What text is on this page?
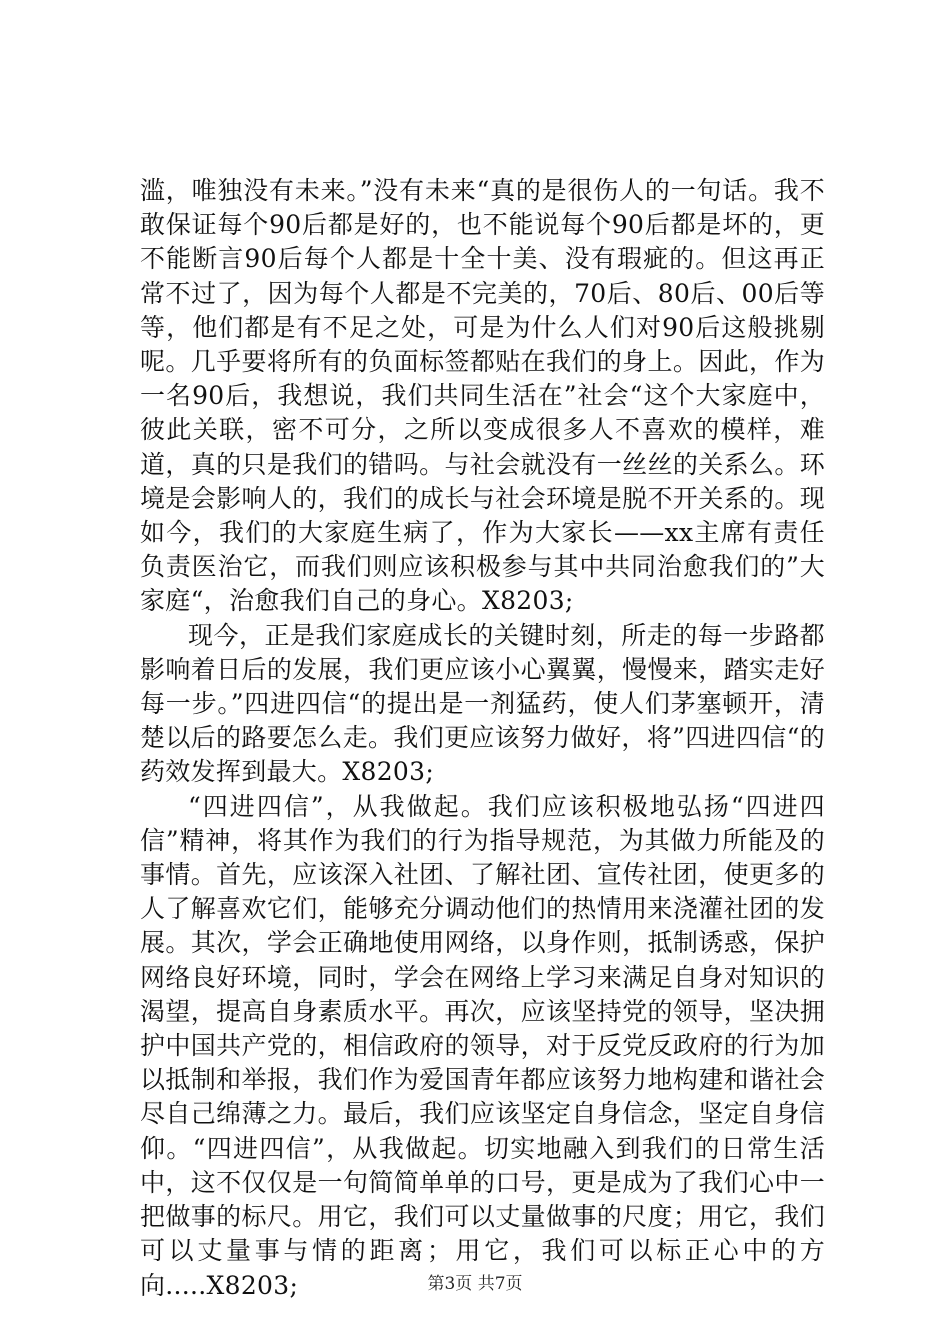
滥，唯独没有未来。”没有未来“真的是很伤人的一句话。我不敢保证每个90后都是好的，也不能说每个90后都是坏的，更不能断言90后每个人都是十全十美、没有瑕疵的。但这再正常不过了，因为每个人都是不完美的，70后、80后、00后等等，他们都是有不足之处，可是为什么人们对90后这般挑剔呢。几乎要将所有的负面标签都贴在我们的身上。因此，作为一名90后，我想说，我们共同生活在”社会“这个大家庭中，彼此关联，密不可分，之所以变成很多人不喜欢的模样，难道，真的只是我们的错吗。与社会就没有一丝丝的关系么。环境是会影响人的，我们的成长与社会环境是脱不开关系的。现如今，我们的大家庭生病了，作为大家长——xx主席有责任负责医治它，而我们则应该积极参与其中共同治愈我们的”大家庭“，治愈我们自己的身心。X8203;

现今，正是我们家庭成长的关键时刻，所走的每一步路都影响着日后的发展，我们更应该小心翼翼，慢慢来，踏实走好每一步。”四进四信“的提出是一剂猛药，使人们茅塞顿开，清楚以后的路要怎么走。我们更应该努力做好，将”四进四信“的药效发挥到最大。X8203;

“四进四信”，从我做起。我们应该积极地弘扬“四进四信”精神，将其作为我们的行为指导规范，为其做力所能及的事情。首先，应该深入社团、了解社团、宣传社团，使更多的人了解喜欢它们，能够充分调动他们的热情用来浇灌社团的发展。其次，学会正确地使用网络，以身作则，抵制诱惑，保护网络良好环境，同时，学会在网络上学习来满足自身对知识的渴望，提高自身素质水平。再次，应该坚持党的领导，坚决拥护中国共产党的，相信政府的领导，对于反党反政府的行为加以抵制和举报，我们作为爱国青年都应该努力地构建和谐社会尽自己绵薄之力。最后，我们应该坚定自身信念，坚定自身信仰。“四进四信”，从我做起。切实地融入到我们的日常生活中，这不仅仅是一句简简单单的口号，更是成为了我们心中一把做事的标尺。用它，我们可以丈量做事的尺度；用它，我们可以丈量事与情的距离；用它，我们可以标正心中的方向.....X8203;	第3页 共7页
